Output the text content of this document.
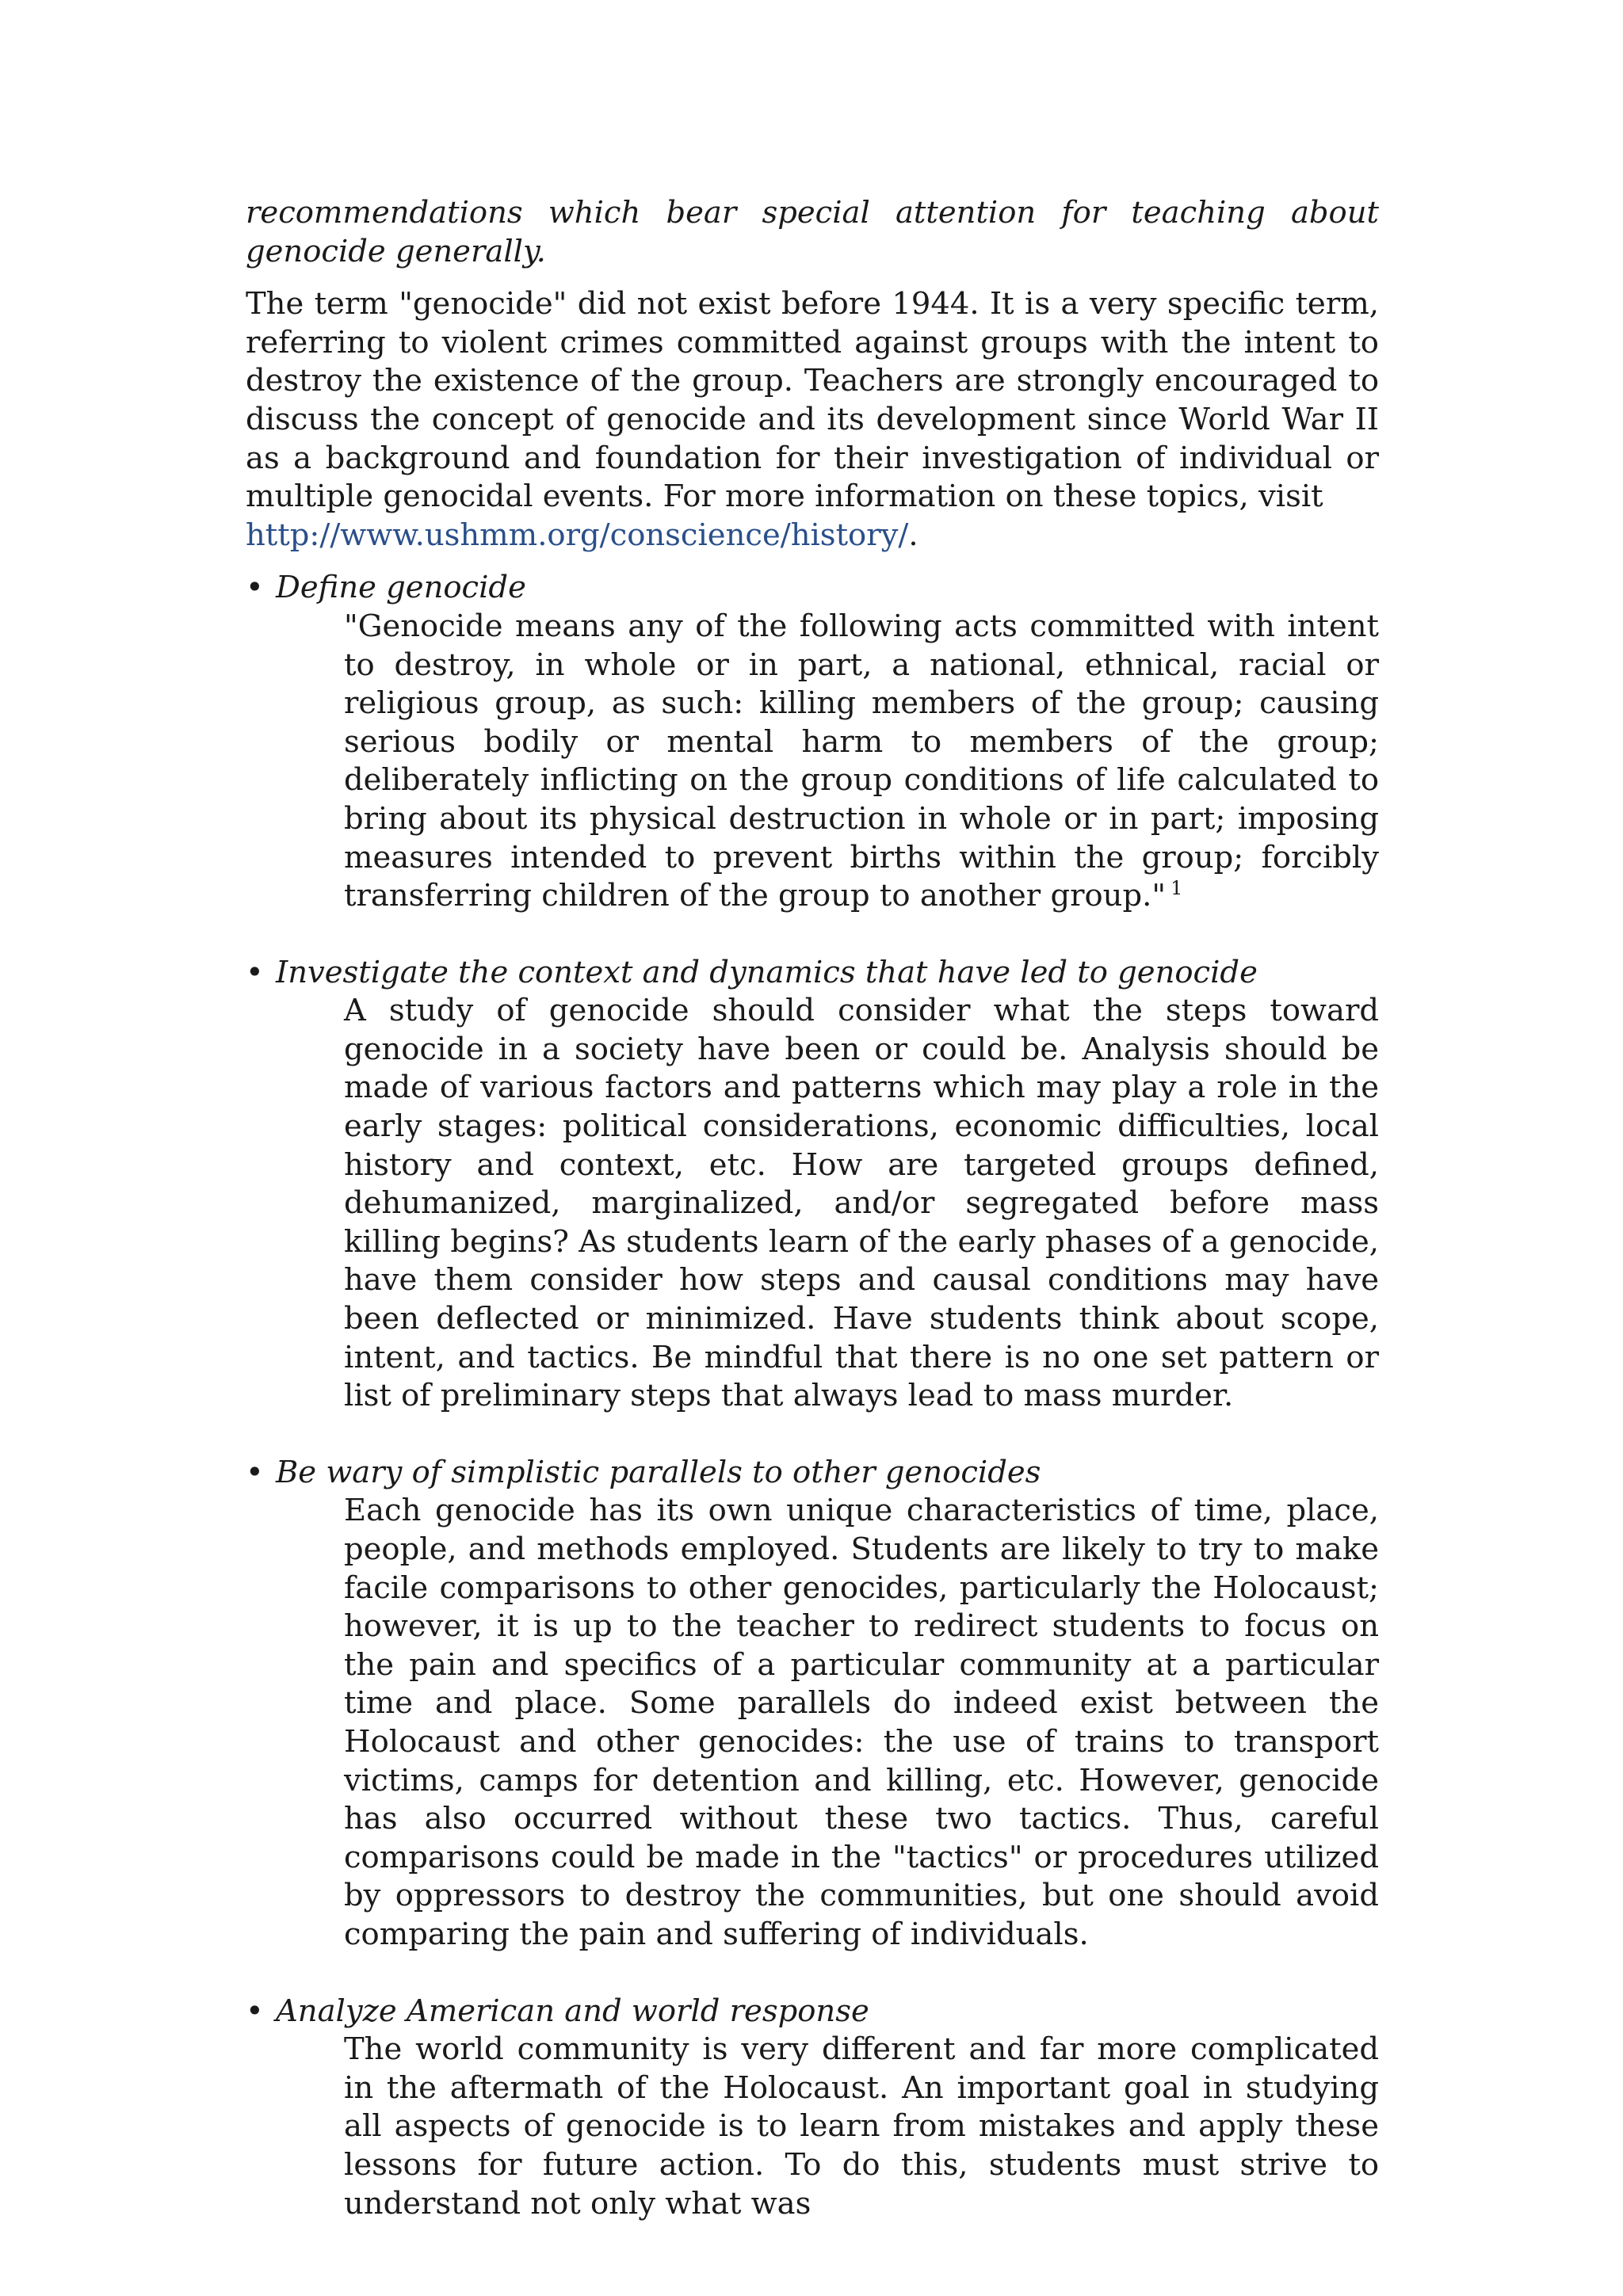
recommendations which bear special attention for teaching about genocide generally.

The term "genocide" did not exist before 1944. It is a very specific term, referring to violent crimes committed against groups with the intent to destroy the existence of the group. Teachers are strongly encouraged to discuss the concept of genocide and its development since World War II as a background and foundation for their investigation of individual or multiple genocidal events. For more information on these topics, visit
http://www.ushmm.org/conscience/history/.

• Define genocide
"Genocide means any of the following acts committed with intent to destroy, in whole or in part, a national, ethnical, racial or religious group, as such: killing members of the group; causing serious bodily or mental harm to members of the group; deliberately inflicting on the group conditions of life calculated to bring about its physical destruction in whole or in part; imposing measures intended to prevent births within the group; forcibly transferring children of the group to another group." $^1$
• Investigate the context and dynamics that have led to genocide
A study of genocide should consider what the steps toward genocide in a society have been or could be. Analysis should be made of various factors and patterns which may play a role in the early stages: political considerations, economic difficulties, local history and context, etc. How are targeted groups defined, dehumanized, marginalized, and/or segregated before mass killing begins? As students learn of the early phases of a genocide, have them consider how steps and causal conditions may have been deflected or minimized. Have students think about scope, intent, and tactics. Be mindful that there is no one set pattern or list of preliminary steps that always lead to mass murder.
• Be wary of simplistic parallels to other genocides
Each genocide has its own unique characteristics of time, place, people, and methods employed. Students are likely to try to make facile comparisons to other genocides, particularly the Holocaust; however, it is up to the teacher to redirect students to focus on the pain and specifics of a particular community at a particular time and place. Some parallels do indeed exist between the Holocaust and other genocides: the use of trains to transport victims, camps for detention and killing, etc. However, genocide has also occurred without these two tactics. Thus, careful comparisons could be made in the "tactics" or procedures utilized by oppressors to destroy the communities, but one should avoid comparing the pain and suffering of individuals.
• Analyze American and world response
The world community is very different and far more complicated in the aftermath of the Holocaust. An important goal in studying all aspects of genocide is to learn from mistakes and apply these lessons for future action. To do this, students must strive to understand not only what was
